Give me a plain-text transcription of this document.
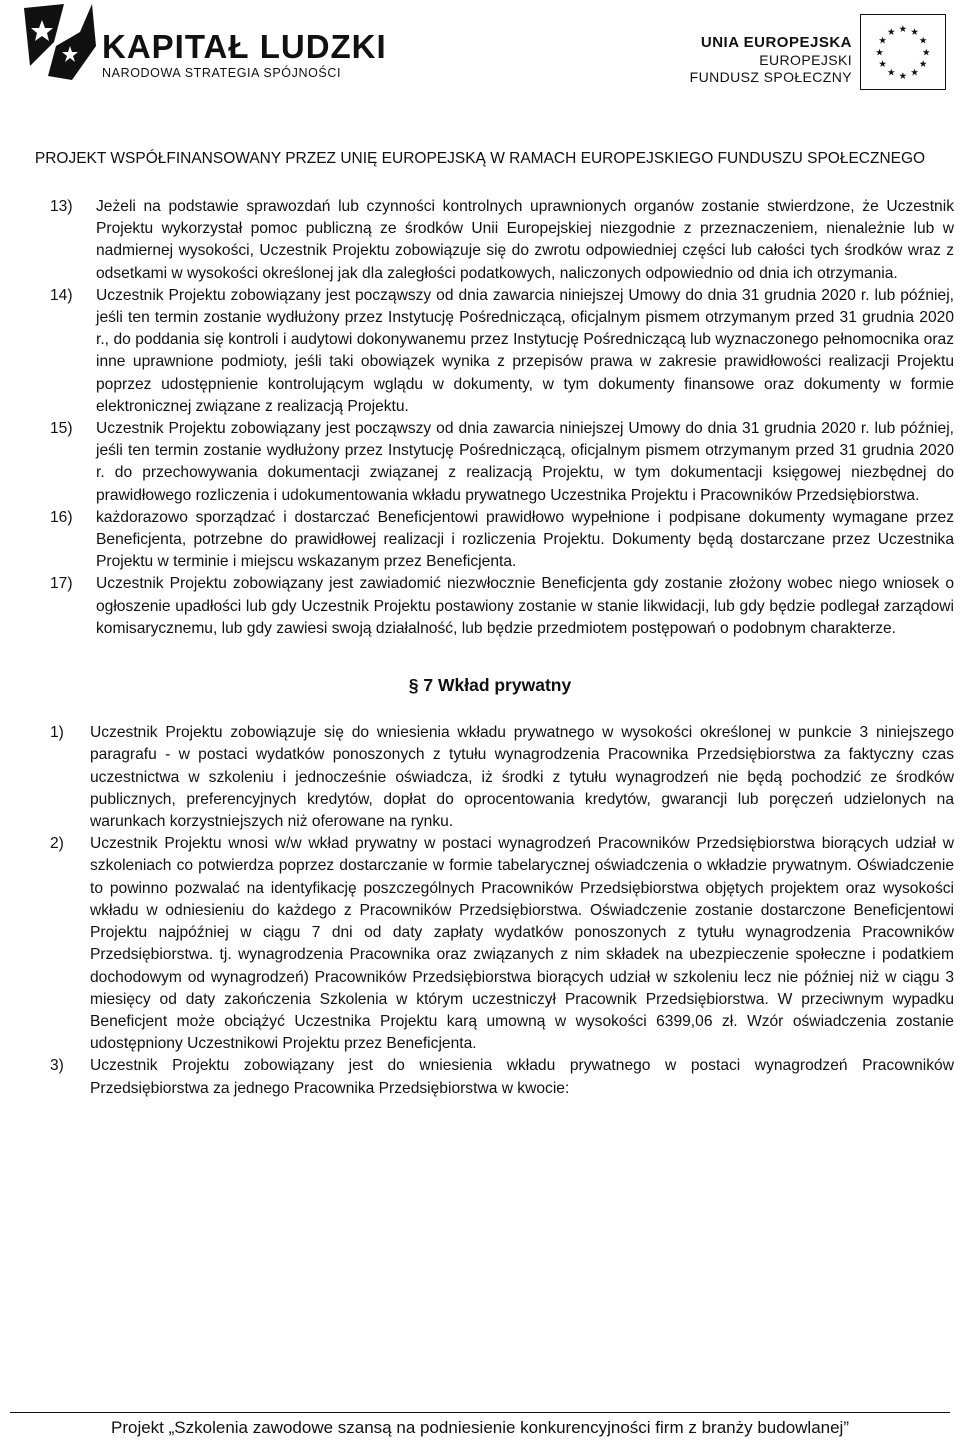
KAPITAŁ LUDZKI
NARODOWA STRATEGIA SPÓJNOŚCI
UNIA EUROPEJSKA
EUROPEJSKI
FUNDUSZ SPOŁECZNY
★ ★
★
★
★
★
★
★
★
★
★
★
PROJEKT WSPÓŁFINANSOWANY PRZEZ UNIĘ EUROPEJSKĄ W RAMACH EUROPEJSKIEGO FUNDUSZU SPOŁECZNEGO
13) Jeżeli na podstawie sprawozdań lub czynności kontrolnych uprawnionych organów zostanie stwierdzone, że Uczestnik Projektu wykorzystał pomoc publiczną ze środków Unii Europejskiej niezgodnie z przeznaczeniem, nienależnie lub w nadmiernej wysokości, Uczestnik Projektu zobowiązuje się do zwrotu odpowiedniej części lub całości tych środków wraz z odsetkami w wysokości określonej jak dla zaległości podatkowych, naliczonych odpowiednio od dnia ich otrzymania.
14) Uczestnik Projektu zobowiązany jest począwszy od dnia zawarcia niniejszej Umowy do dnia 31 grudnia 2020 r. lub później, jeśli ten termin zostanie wydłużony przez Instytucję Pośredniczącą, oficjalnym pismem otrzymanym przed 31 grudnia 2020 r., do poddania się kontroli i audytowi dokonywanemu przez Instytucję Pośredniczącą lub wyznaczonego pełnomocnika oraz inne uprawnione podmioty, jeśli taki obowiązek wynika z przepisów prawa w zakresie prawidłowości realizacji Projektu poprzez udostępnienie kontrolującym wglądu w dokumenty, w tym dokumenty finansowe oraz dokumenty w formie elektronicznej związane z realizacją Projektu.
15) Uczestnik Projektu zobowiązany jest począwszy od dnia zawarcia niniejszej Umowy do dnia 31 grudnia 2020 r. lub później, jeśli ten termin zostanie wydłużony przez Instytucję Pośredniczącą, oficjalnym pismem otrzymanym przed 31 grudnia 2020 r. do przechowywania dokumentacji związanej z realizacją Projektu, w tym dokumentacji księgowej niezbędnej do prawidłowego rozliczenia i udokumentowania wkładu prywatnego Uczestnika Projektu i Pracowników Przedsiębiorstwa.
16) każdorazowo sporządzać i dostarczać Beneficjentowi prawidłowo wypełnione i podpisane dokumenty wymagane przez Beneficjenta, potrzebne do prawidłowej realizacji i rozliczenia Projektu. Dokumenty będą dostarczane przez Uczestnika Projektu w terminie i miejscu wskazanym przez Beneficjenta.
17) Uczestnik Projektu zobowiązany jest zawiadomić niezwłocznie Beneficjenta gdy zostanie złożony wobec niego wniosek o ogłoszenie upadłości lub gdy Uczestnik Projektu postawiony zostanie w stanie likwidacji, lub gdy będzie podlegał zarządowi komisarycznemu, lub gdy zawiesi swoją działalność, lub będzie przedmiotem postępowań o podobnym charakterze.
§ 7 Wkład prywatny
1) Uczestnik Projektu zobowiązuje się do wniesienia wkładu prywatnego w wysokości określonej w punkcie 3 niniejszego paragrafu - w postaci wydatków ponoszonych z tytułu wynagrodzenia Pracownika Przedsiębiorstwa za faktyczny czas uczestnictwa w szkoleniu i jednocześnie oświadcza, iż środki z tytułu wynagrodzeń nie będą pochodzić ze środków publicznych, preferencyjnych kredytów, dopłat do oprocentowania kredytów, gwarancji lub poręczeń udzielonych na warunkach korzystniejszych niż oferowane na rynku.
2) Uczestnik Projektu wnosi w/w wkład prywatny w postaci wynagrodzeń Pracowników Przedsiębiorstwa biorących udział w szkoleniach co potwierdza poprzez dostarczanie w formie tabelarycznej oświadczenia o wkładzie prywatnym. Oświadczenie to powinno pozwalać na identyfikację poszczególnych Pracowników Przedsiębiorstwa objętych projektem oraz wysokości wkładu w odniesieniu do każdego z Pracowników Przedsiębiorstwa. Oświadczenie zostanie dostarczone Beneficjentowi Projektu najpóźniej w ciągu 7 dni od daty zapłaty wydatków ponoszonych z tytułu wynagrodzenia Pracowników Przedsiębiorstwa. tj. wynagrodzenia Pracownika oraz związanych z nim składek na ubezpieczenie społeczne i podatkiem dochodowym od wynagrodzeń) Pracowników Przedsiębiorstwa biorących udział w szkoleniu lecz nie później niż w ciągu 3 miesięcy od daty zakończenia Szkolenia w którym uczestniczył Pracownik Przedsiębiorstwa. W przeciwnym wypadku Beneficjent może obciążyć Uczestnika Projektu karą umowną w wysokości 6399,06 zł. Wzór oświadczenia zostanie udostępniony Uczestnikowi Projektu przez Beneficjenta.
3) Uczestnik Projektu zobowiązany jest do wniesienia wkładu prywatnego w postaci wynagrodzeń Pracowników Przedsiębiorstwa za jednego Pracownika Przedsiębiorstwa w kwocie:
Projekt „Szkolenia zawodowe szansą na podniesienie konkurencyjności firm z branży budowlanej”
